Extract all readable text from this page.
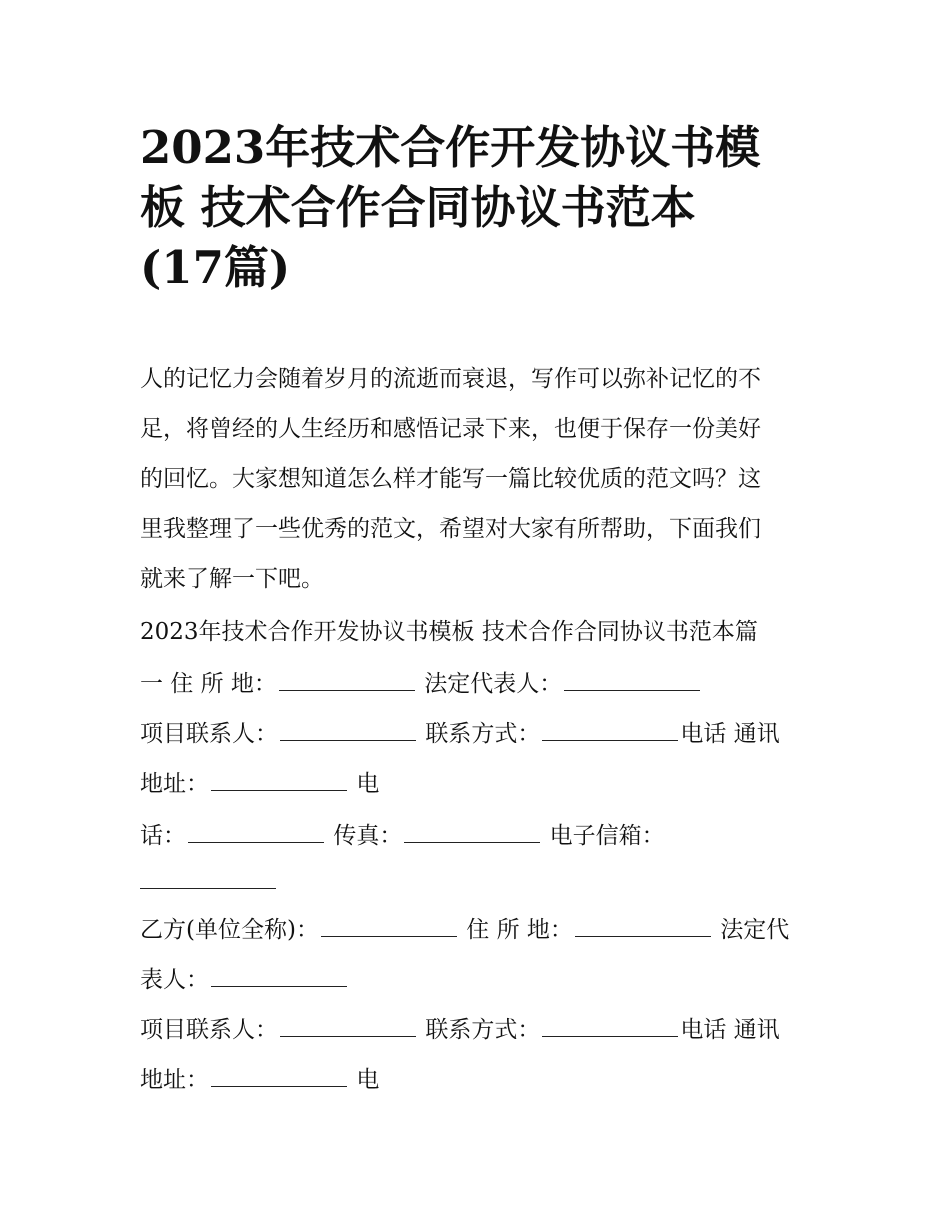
2023年技术合作开发协议书模
板 技术合作合同协议书范本
(17篇)
人的记忆力会随着岁月的流逝而衰退，写作可以弥补记忆的不
足，将曾经的人生经历和感悟记录下来，也便于保存一份美好
的回忆。大家想知道怎么样才能写一篇比较优质的范文吗？这
里我整理了一些优秀的范文，希望对大家有所帮助，下面我们
就来了解一下吧。
2023年技术合作开发协议书模板 技术合作合同协议书范本篇
一 住 所 地：	法定代表人：
项目联系人：	联系方式：	电话 通讯
地址：	电
话：	传真：	电子信箱：
乙方(单位全称)：	住 所 地：	法定代
表人：
项目联系人：	联系方式：	电话 通讯
地址：	电
